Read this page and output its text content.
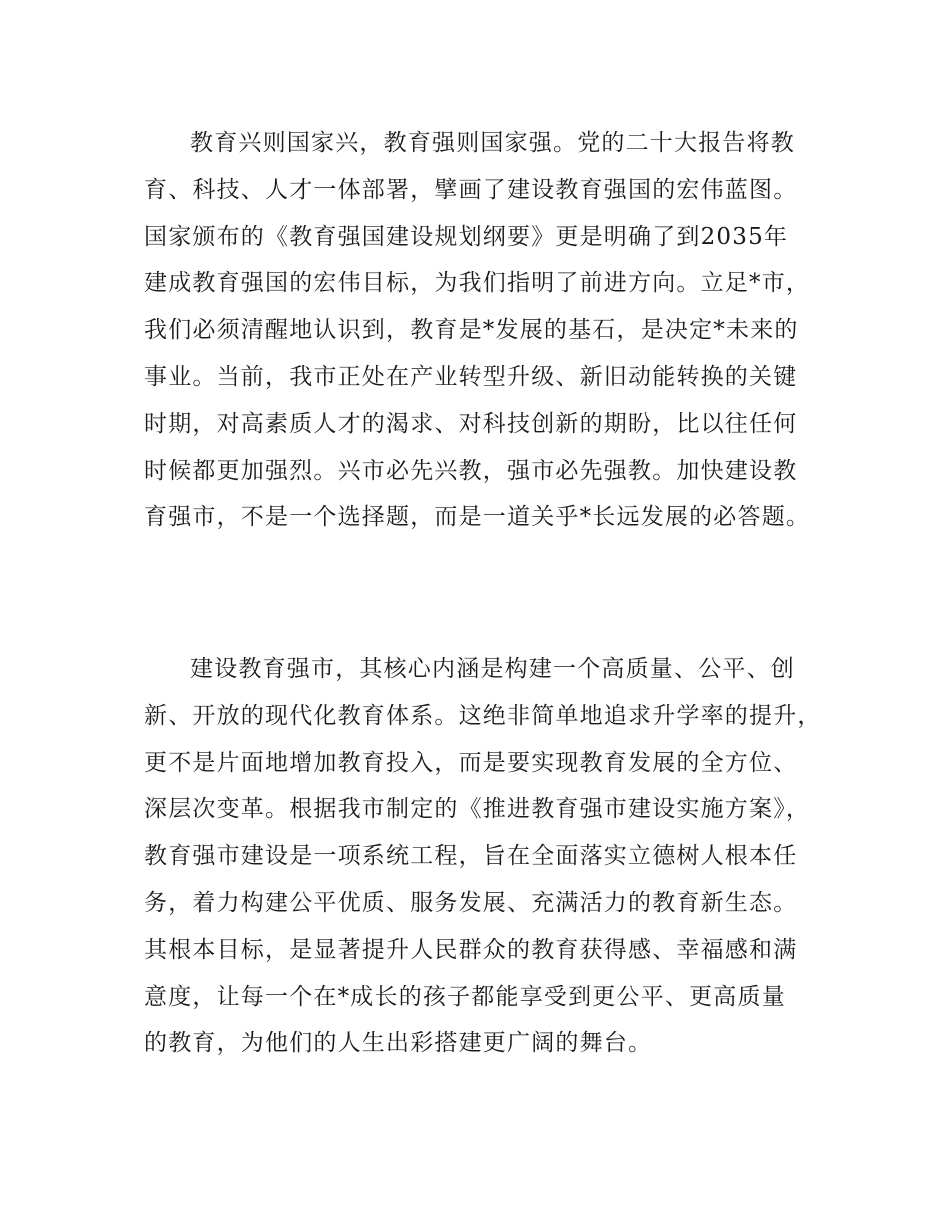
教育兴则国家兴，教育强则国家强。党的二十大报告将教
育、科技、人才一体部署，擘画了建设教育强国的宏伟蓝图。
国家颁布的《教育强国建设规划纲要》更是明确了到2035年
建成教育强国的宏伟目标，为我们指明了前进方向。立足*市，
我们必须清醒地认识到，教育是*发展的基石，是决定*未来的
事业。当前，我市正处在产业转型升级、新旧动能转换的关键
时期，对高素质人才的渴求、对科技创新的期盼，比以往任何
时候都更加强烈。兴市必先兴教，强市必先强教。加快建设教
育强市，不是一个选择题，而是一道关乎*长远发展的必答题。
建设教育强市，其核心内涵是构建一个高质量、公平、创
新、开放的现代化教育体系。这绝非简单地追求升学率的提升，
更不是片面地增加教育投入，而是要实现教育发展的全方位、
深层次变革。根据我市制定的《推进教育强市建设实施方案》，
教育强市建设是一项系统工程，旨在全面落实立德树人根本任
务，着力构建公平优质、服务发展、充满活力的教育新生态。
其根本目标，是显著提升人民群众的教育获得感、幸福感和满
意度，让每一个在*成长的孩子都能享受到更公平、更高质量
的教育，为他们的人生出彩搭建更广阔的舞台。
